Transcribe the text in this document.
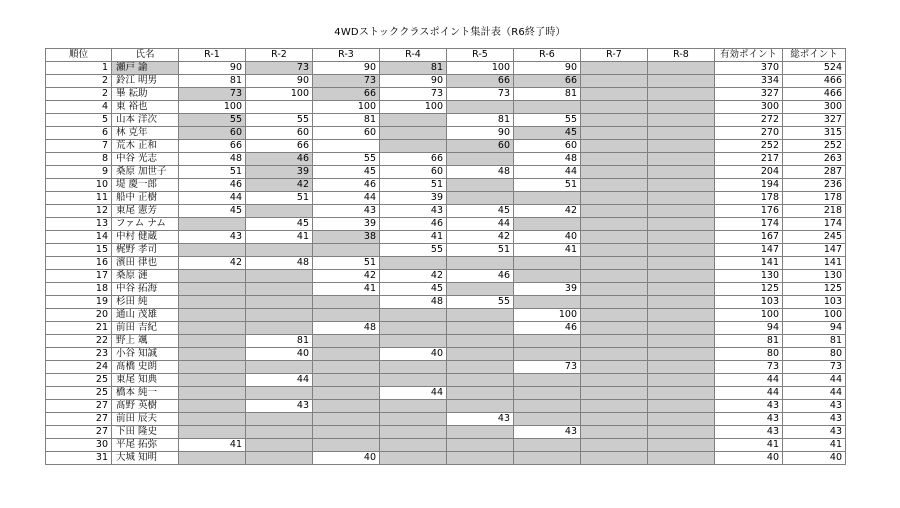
4WDストッククラスポイント集計表（R6終了時）
順位	氏名	R-1	R-2	R-3	R-4	R-5	R-6	R-7	R-8	有効ポイント	総ポイント
1	瀬戸 諭	90	73	90	81	100	90			370	524
2	鈴江 明男	81	90	73	90	66	66			334	466
2	畢 耘助	73	100	66	73	73	81			327	466
4	東 裕也	100		100	100					300	300
5	山本 洋次	55	55	81		81	55			272	327
6	林 克年	60	60	60		90	45			270	315
7	荒木 正和	66	66			60	60			252	252
8	中谷 光志	48	46	55	66		48			217	263
9	桑原 加世子	51	39	45	60	48	44			204	287
10	堤 慶一郎	46	42	46	51		51			194	236
11	船中 正樹	44	51	44	39					178	178
12	東尾 憲芳	45		43	43	45	42			176	218
13	ファム ナム		45	39	46	44				174	174
14	中村 健蔵	43	41	38	41	42	40			167	245
15	梶野 孝司				55	51	41			147	147
16	濱田 律也	42	48	51						141	141
17	桑原 漣			42	42	46				130	130
18	中谷 拓海			41	45		39			125	125
19	杉田 純				48	55				103	103
20	通山 茂雄						100			100	100
21	前田 吉紀			48			46			94	94
22	野上 颯		81							81	81
23	小谷 知誠		40		40					80	80
24	髙橋 史朗						73			73	73
25	東尾 知典		44							44	44
25	橋本 純一				44					44	44
27	髙野 英樹		43							43	43
27	前田 辰夫					43				43	43
27	下田 隆史						43			43	43
30	平尾 拓弥	41								41	41
31	大城 知明			40						40	40
